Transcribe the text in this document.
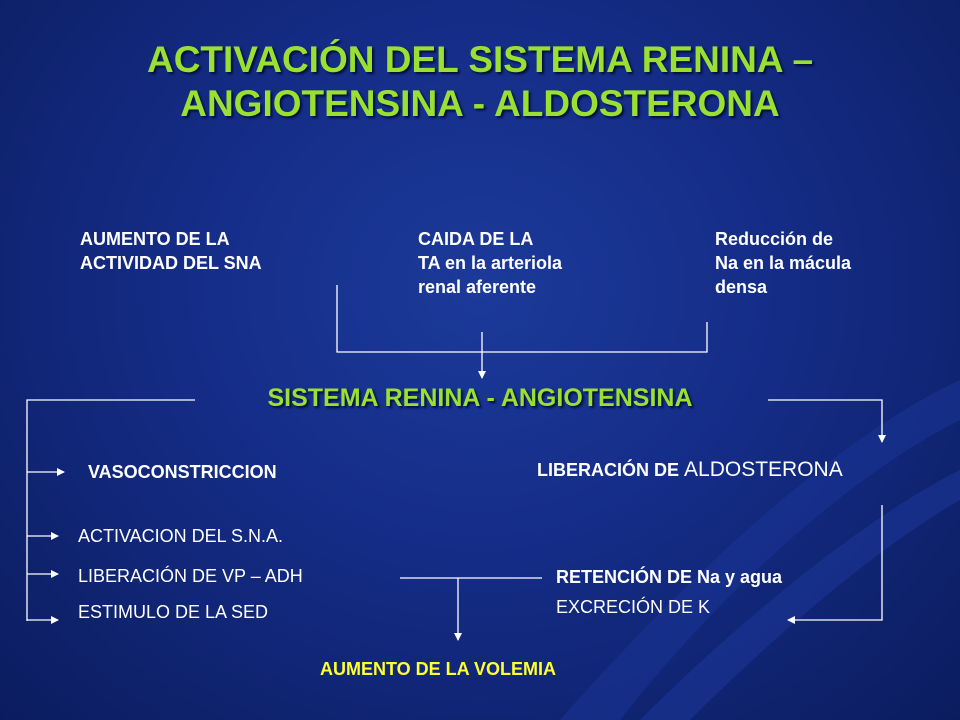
ACTIVACIÓN DEL SISTEMA RENINA –
ANGIOTENSINA - ALDOSTERONA
AUMENTO DE LA
ACTIVIDAD DEL SNA
CAIDA DE LA
TA en la arteriola
renal aferente
Reducción de
Na en la mácula
densa
SISTEMA RENINA - ANGIOTENSINA
VASOCONSTRICCION
ACTIVACION DEL S.N.A.
LIBERACIÓN DE VP – ADH
ESTIMULO DE LA SED
LIBERACIÓN DE ALDOSTERONA
RETENCIÓN DE Na y agua
EXCRECIÓN DE K
AUMENTO DE LA VOLEMIA
